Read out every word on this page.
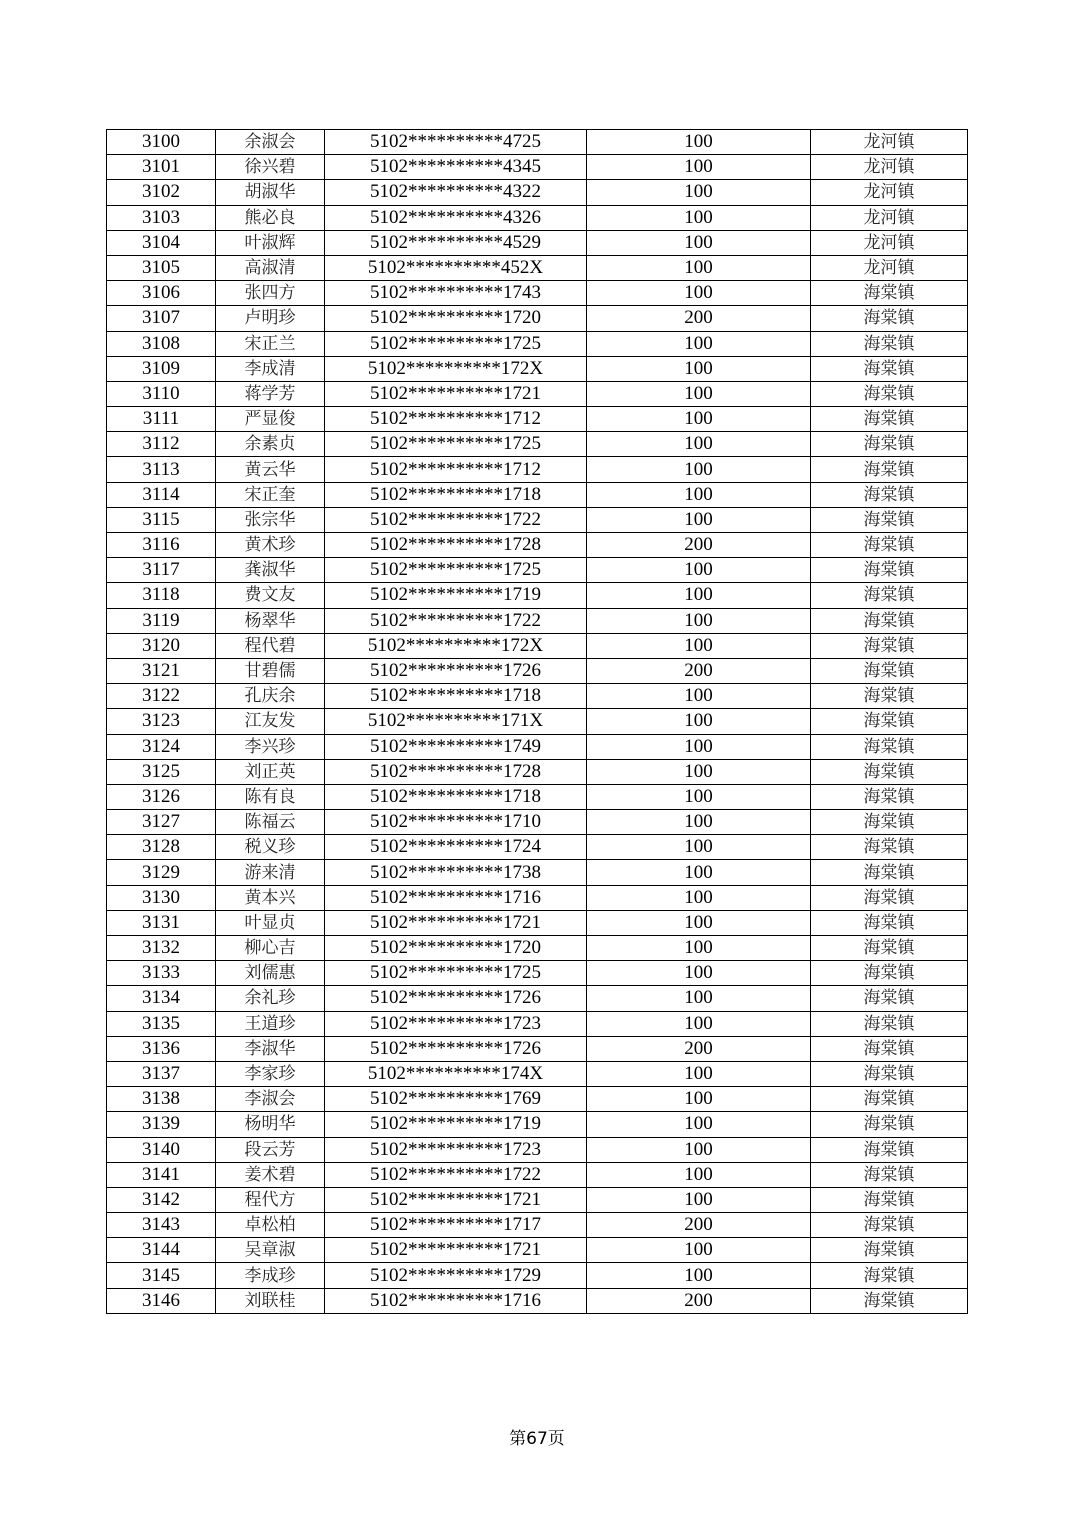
3100	余淑会	5102**********4725	100	龙河镇
3101	徐兴碧	5102**********4345	100	龙河镇
3102	胡淑华	5102**********4322	100	龙河镇
3103	熊必良	5102**********4326	100	龙河镇
3104	叶淑辉	5102**********4529	100	龙河镇
3105	高淑清	5102**********452X	100	龙河镇
3106	张四方	5102**********1743	100	海棠镇
3107	卢明珍	5102**********1720	200	海棠镇
3108	宋正兰	5102**********1725	100	海棠镇
3109	李成清	5102**********172X	100	海棠镇
3110	蒋学芳	5102**********1721	100	海棠镇
3111	严显俊	5102**********1712	100	海棠镇
3112	余素贞	5102**********1725	100	海棠镇
3113	黄云华	5102**********1712	100	海棠镇
3114	宋正奎	5102**********1718	100	海棠镇
3115	张宗华	5102**********1722	100	海棠镇
3116	黄术珍	5102**********1728	200	海棠镇
3117	龚淑华	5102**********1725	100	海棠镇
3118	费文友	5102**********1719	100	海棠镇
3119	杨翠华	5102**********1722	100	海棠镇
3120	程代碧	5102**********172X	100	海棠镇
3121	甘碧儒	5102**********1726	200	海棠镇
3122	孔庆余	5102**********1718	100	海棠镇
3123	江友发	5102**********171X	100	海棠镇
3124	李兴珍	5102**********1749	100	海棠镇
3125	刘正英	5102**********1728	100	海棠镇
3126	陈有良	5102**********1718	100	海棠镇
3127	陈福云	5102**********1710	100	海棠镇
3128	税义珍	5102**********1724	100	海棠镇
3129	游来清	5102**********1738	100	海棠镇
3130	黄本兴	5102**********1716	100	海棠镇
3131	叶显贞	5102**********1721	100	海棠镇
3132	柳心吉	5102**********1720	100	海棠镇
3133	刘儒惠	5102**********1725	100	海棠镇
3134	余礼珍	5102**********1726	100	海棠镇
3135	王道珍	5102**********1723	100	海棠镇
3136	李淑华	5102**********1726	200	海棠镇
3137	李家珍	5102**********174X	100	海棠镇
3138	李淑会	5102**********1769	100	海棠镇
3139	杨明华	5102**********1719	100	海棠镇
3140	段云芳	5102**********1723	100	海棠镇
3141	姜术碧	5102**********1722	100	海棠镇
3142	程代方	5102**********1721	100	海棠镇
3143	卓松柏	5102**********1717	200	海棠镇
3144	吴章淑	5102**********1721	100	海棠镇
3145	李成珍	5102**********1729	100	海棠镇
3146	刘联桂	5102**********1716	200	海棠镇
第67页
